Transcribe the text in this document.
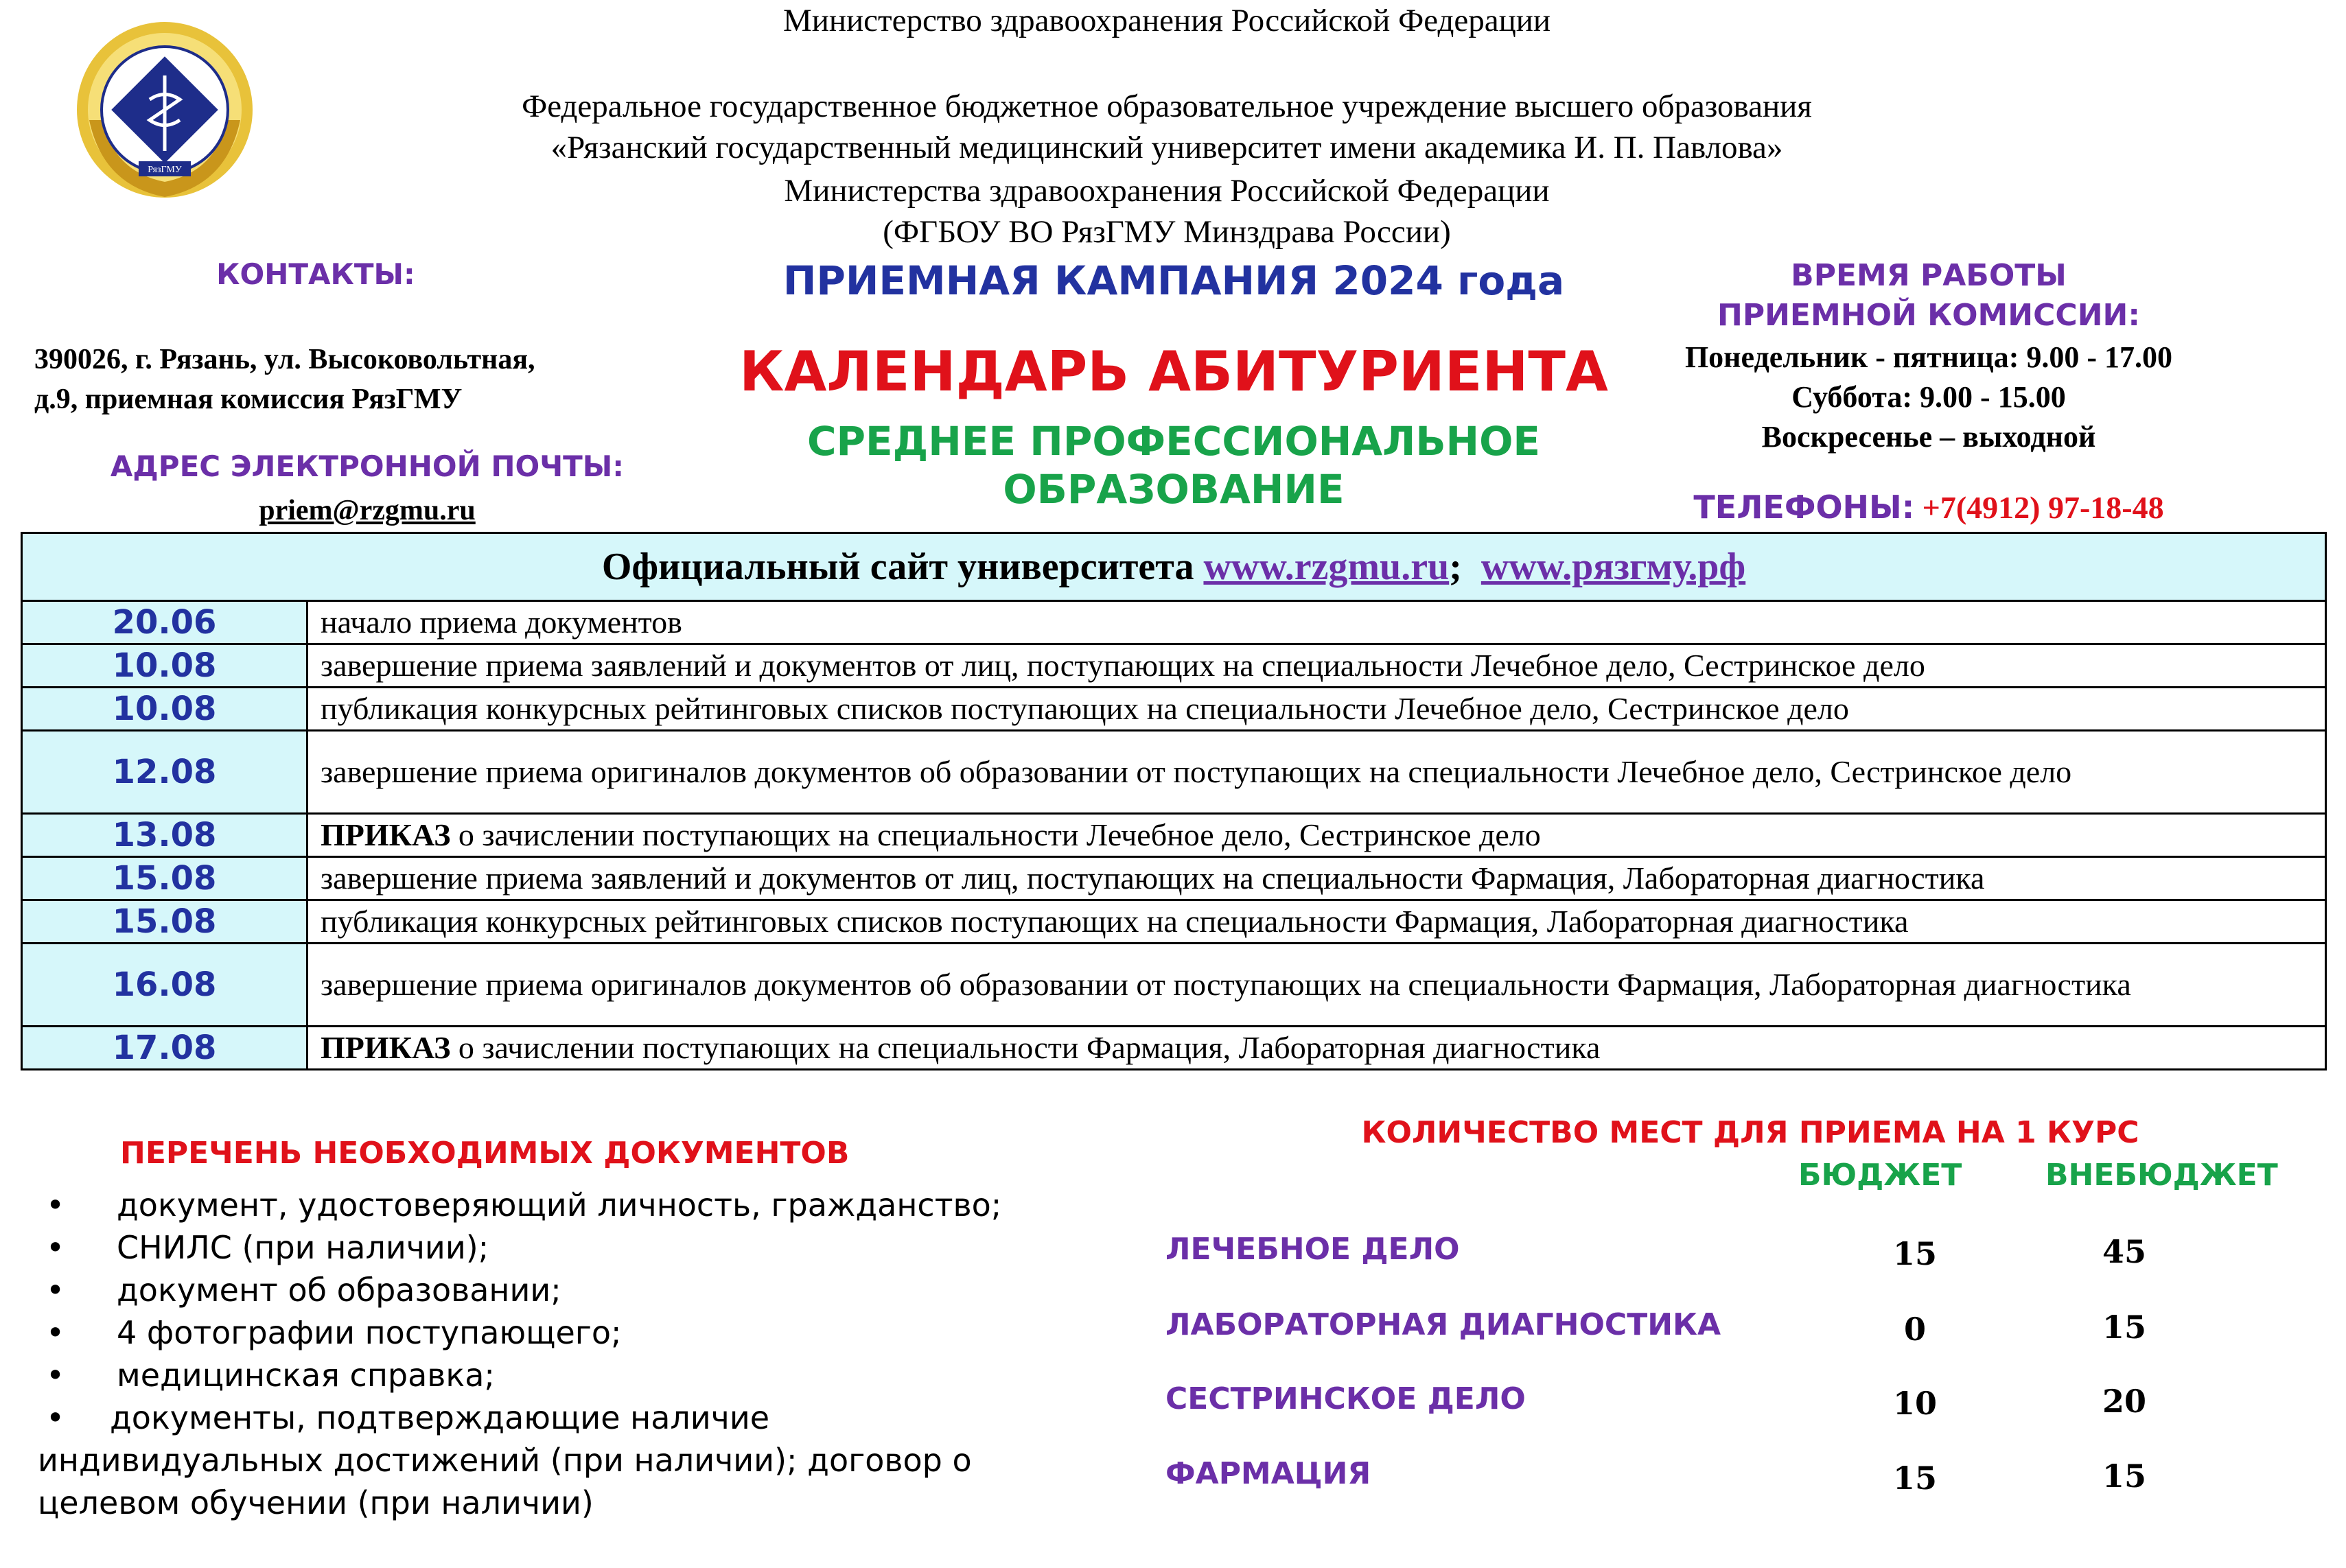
РязГМУ
Министерство здравоохранения Российской Федерации
Федеральное государственное бюджетное образовательное учреждение высшего образования
«Рязанский государственный медицинский университет имени академика И. П. Павлова»
Министерства здравоохранения Российской Федерации
(ФГБОУ ВО РязГМУ Минздрава России)
КОНТАКТЫ:
390026, г. Рязань, ул. Высоковольтная,
д.9, приемная комиссия РязГМУ
АДРЕС ЭЛЕКТРОННОЙ ПОЧТЫ:
priem@rzgmu.ru
ПРИЕМНАЯ КАМПАНИЯ 2024 года
КАЛЕНДАРЬ АБИТУРИЕНТА
СРЕДНЕЕ ПРОФЕССИОНАЛЬНОЕ
ОБРАЗОВАНИЕ
ВРЕМЯ РАБОТЫ
ПРИЕМНОЙ КОМИССИИ:
Понедельник - пятница: 9.00 - 17.00
Суббота: 9.00 - 15.00
Воскресенье – выходной
ТЕЛЕФОНЫ: +7(4912) 97-18-48
Официальный сайт университета www.rzgmu.ru; www.рязгму.рф	
20.06	начало приема документов
10.08	завершение приема заявлений и документов от лиц, поступающих на специальности Лечебное дело, Сестринское дело
10.08	публикация конкурсных рейтинговых списков поступающих на специальности Лечебное дело, Сестринское дело
12.08	завершение приема оригиналов документов об образовании от поступающих на специальности Лечебное дело, Сестринское дело
13.08	ПРИКАЗ о зачислении поступающих на специальности Лечебное дело, Сестринское дело
15.08	завершение приема заявлений и документов от лиц, поступающих на специальности Фармация, Лабораторная диагностика
15.08	публикация конкурсных рейтинговых списков поступающих на специальности Фармация, Лабораторная диагностика
16.08	завершение приема оригиналов документов об образовании от поступающих на специальности Фармация, Лабораторная диагностика
17.08	ПРИКАЗ о зачислении поступающих на специальности Фармация, Лабораторная диагностика
ПЕРЕЧЕНЬ НЕОБХОДИМЫХ ДОКУМЕНТОВ
• документ, удостоверяющий личность, гражданство;
• СНИЛС (при наличии);
• документ об образовании;
• 4 фотографии поступающего;
• медицинская справка;
• документы, подтверждающие наличие
индивидуальных достижений (при наличии); договор о
целевом обучении (при наличии)
КОЛИЧЕСТВО МЕСТ ДЛЯ ПРИЕМА НА 1 КУРС
БЮДЖЕТ	ВНЕБЮДЖЕТ
ЛЕЧЕБНОЕ ДЕЛО	15	45
ЛАБОРАТОРНАЯ ДИАГНОСТИКА	0	15
СЕСТРИНСКОЕ ДЕЛО	10	20
ФАРМАЦИЯ	15	15
